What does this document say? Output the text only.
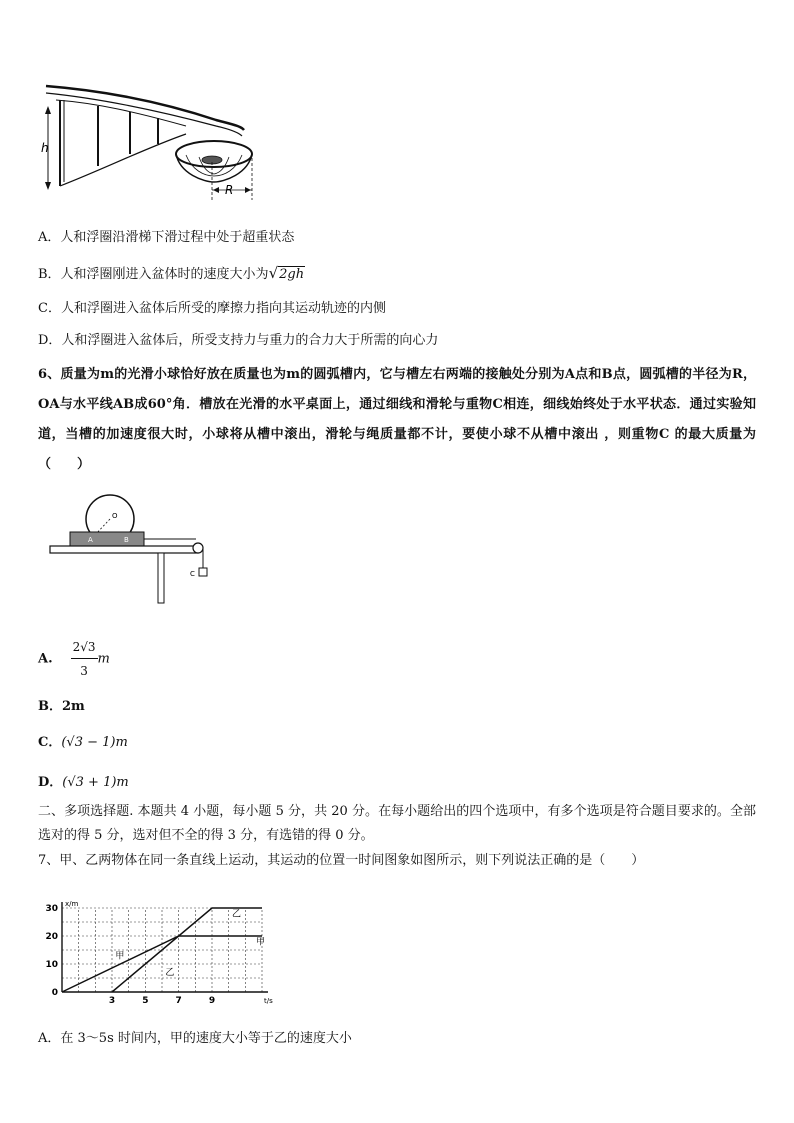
h
R
A．人和浮圈沿滑梯下滑过程中处于超重状态
B．人和浮圈刚进入盆体时的速度大小为√2gh
C．人和浮圈进入盆体后所受的摩擦力指向其运动轨迹的内侧
D．人和浮圈进入盆体后，所受支持力与重力的合力大于所需的向心力
6、质量为m的光滑小球恰好放在质量也为m的圆弧槽内，它与槽左右两端的接触处分别为A点和B点，圆弧槽的半径为R，OA与水平线AB成60°角．槽放在光滑的水平桌面上，通过细线和滑轮与重物C相连，细线始终处于水平状态．通过实验知道，当槽的加速度很大时，小球将从槽中滚出，滑轮与绳质量都不计，要使小球不从槽中滚出 ，则重物C 的最大质量为（　　）
O
A	B
C
A. $\frac{2√3}{3}$ m
B．2m
C．(√3 − 1)m
D．(√3 + 1)m
二、多项选择题. 本题共 4 小题，每小题 5 分，共 20 分。在每小题给出的四个选项中，有多个选项是符合题目要求的。全部选对的得 5 分，选对但不全的得 3 分，有选错的得 0 分。
7、甲、乙两物体在同一条直线上运动，其运动的位置一时间图象如图所示，则下列说法正确的是（　　）
0
10
20
30
3	5	7	9
x/m
t/s
甲
甲
乙
乙
A．在 3～5s 时间内，甲的速度大小等于乙的速度大小
